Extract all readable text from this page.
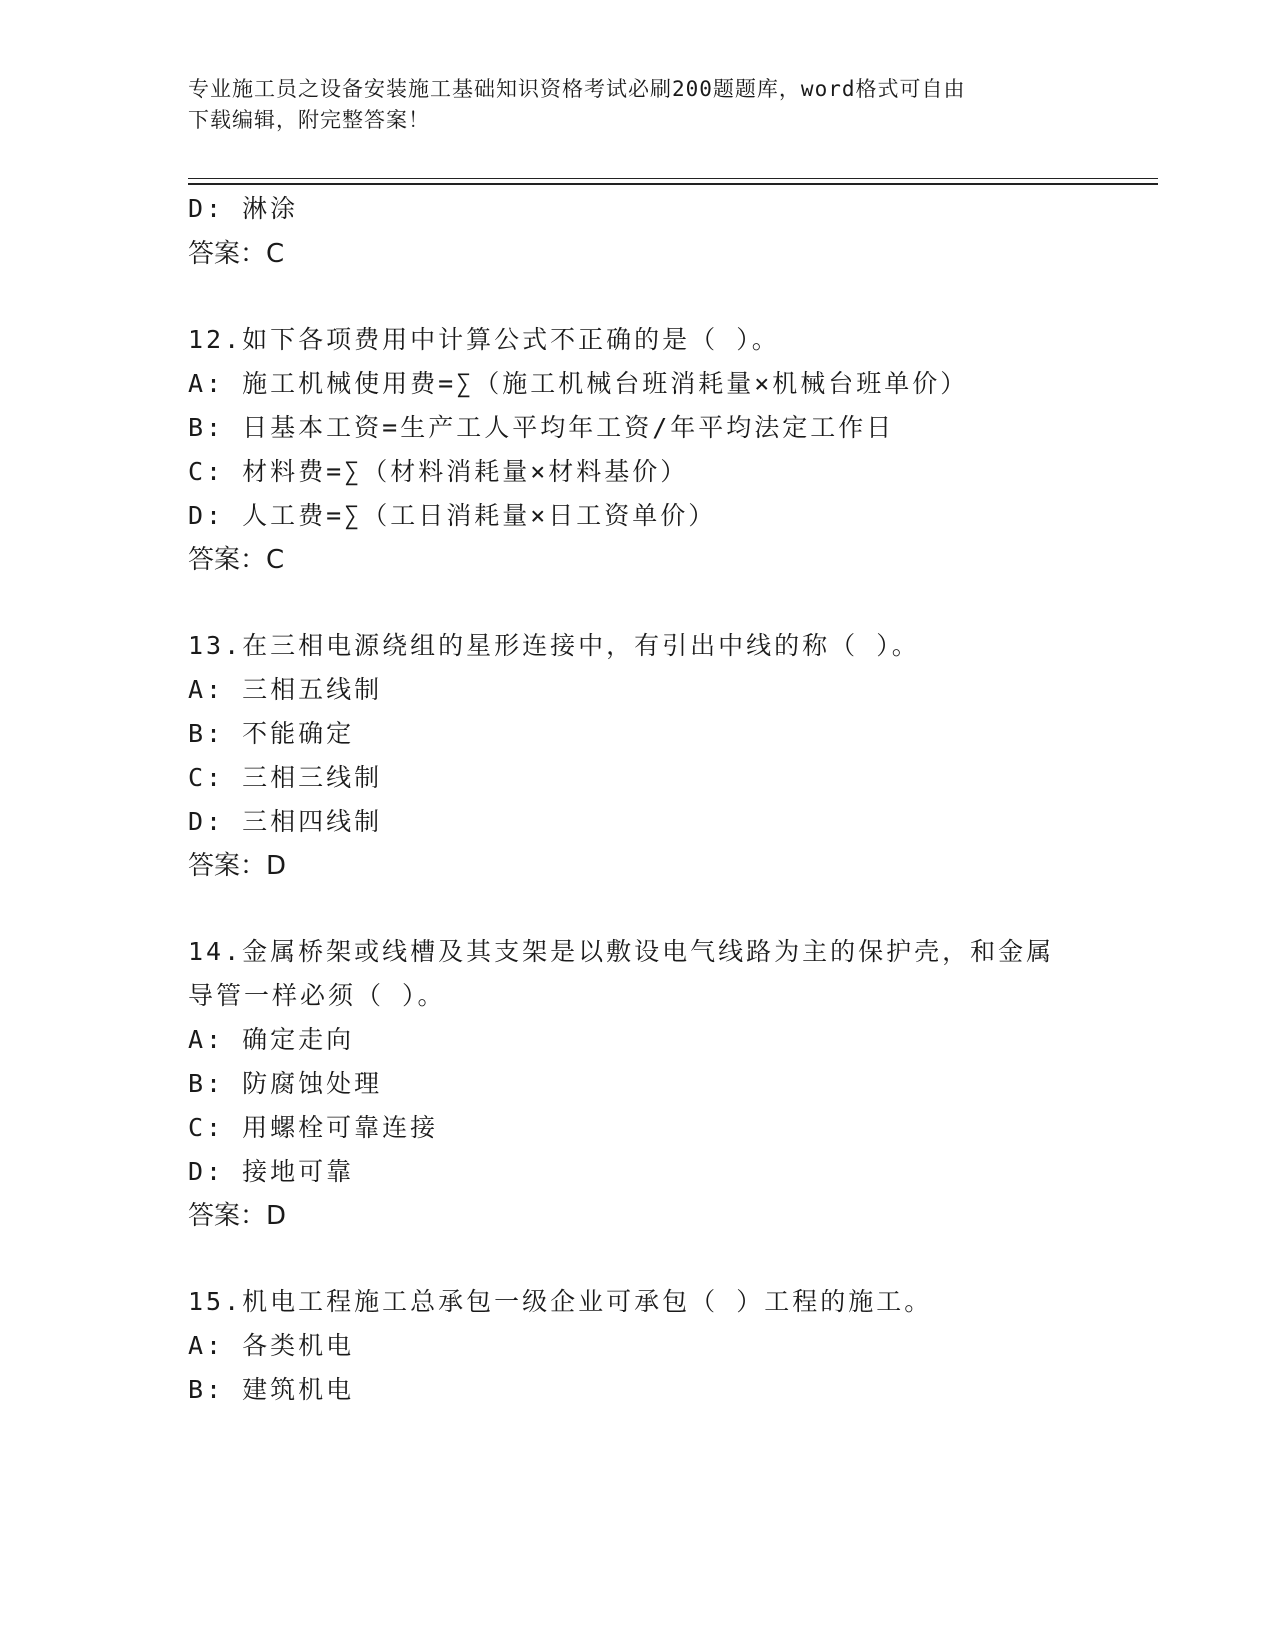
专业施工员之设备安装施工基础知识资格考试必刷200题题库，word格式可自由
下载编辑，附完整答案！
D: 淋涂
答案：C
12.如下各项费用中计算公式不正确的是（ ）。
A: 施工机械使用费=∑（施工机械台班消耗量×机械台班单价）
B: 日基本工资=生产工人平均年工资/年平均法定工作日
C: 材料费=∑（材料消耗量×材料基价）
D: 人工费=∑（工日消耗量×日工资单价）
答案：C
13.在三相电源绕组的星形连接中，有引出中线的称（ ）。
A: 三相五线制
B: 不能确定
C: 三相三线制
D: 三相四线制
答案：D
14.金属桥架或线槽及其支架是以敷设电气线路为主的保护壳，和金属
导管一样必须（ ）。
A: 确定走向
B: 防腐蚀处理
C: 用螺栓可靠连接
D: 接地可靠
答案：D
15.机电工程施工总承包一级企业可承包（ ）工程的施工。
A: 各类机电
B: 建筑机电
